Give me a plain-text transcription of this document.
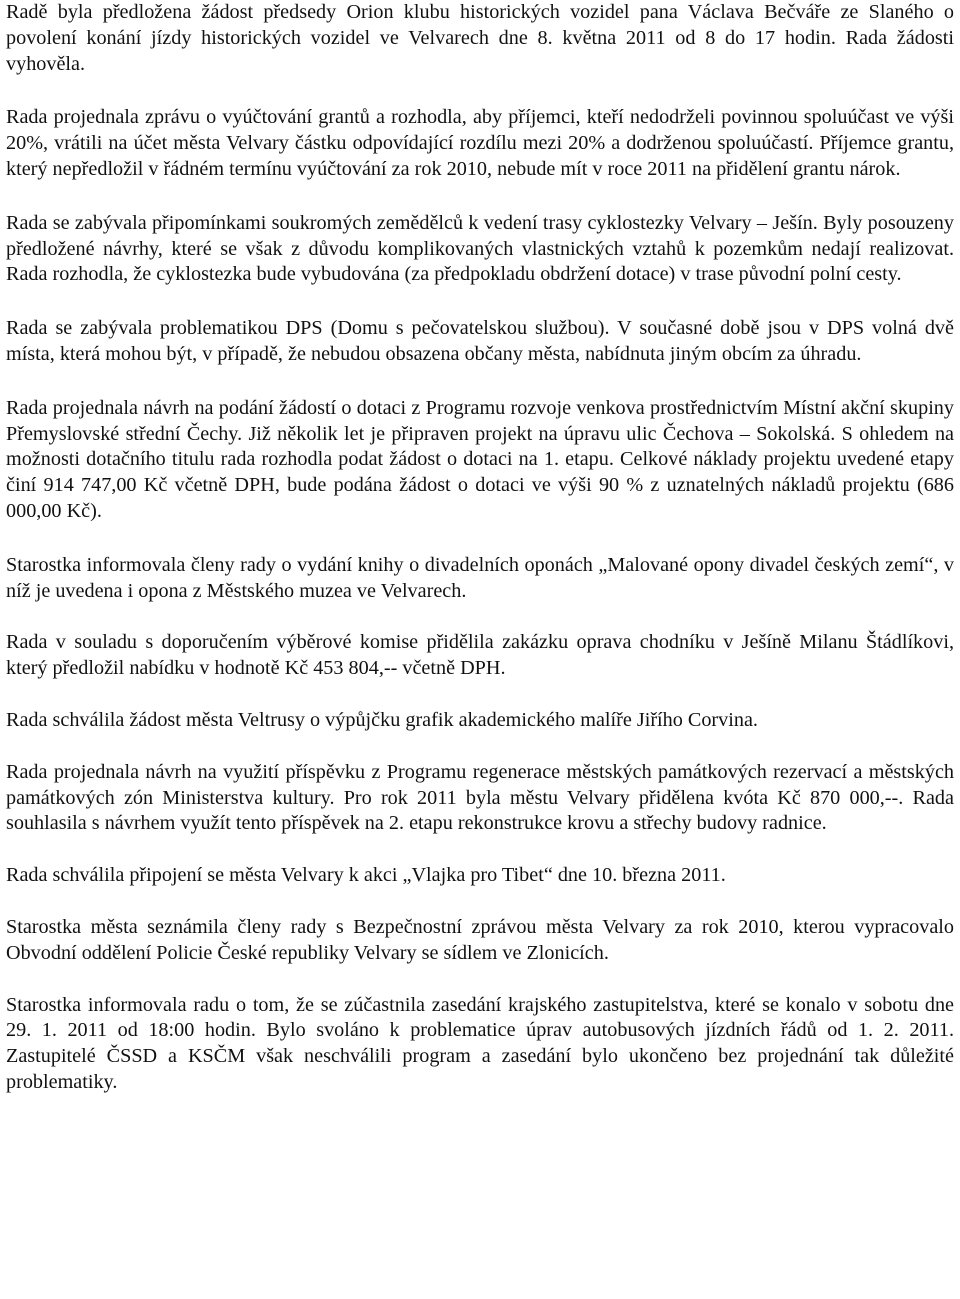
Radě byla předložena žádost předsedy Orion klubu historických vozidel pana Václava Bečváře ze Slaného o povolení konání jízdy historických vozidel ve Velvarech dne 8. května 2011 od 8 do 17 hodin. Rada žádosti vyhověla.

Rada projednala zprávu o vyúčtování grantů a rozhodla, aby příjemci, kteří nedodrželi povinnou spoluúčast ve výši 20%, vrátili na účet města Velvary částku odpovídající rozdílu mezi 20% a dodrženou spoluúčastí. Příjemce grantu, který nepředložil v řádném termínu vyúčtování za rok 2010, nebude mít v roce 2011 na přidělení grantu nárok.

Rada se zabývala připomínkami soukromých zemědělců k vedení trasy cyklostezky Velvary – Ješín. Byly posouzeny předložené návrhy, které se však z důvodu komplikovaných vlastnických vztahů k pozemkům nedají realizovat. Rada rozhodla, že cyklostezka bude vybudována (za předpokladu obdržení dotace) v trase původní polní cesty.

Rada se zabývala problematikou DPS (Domu s pečovatelskou službou). V současné době jsou v DPS volná dvě místa, která mohou být, v případě, že nebudou obsazena občany města, nabídnuta jiným obcím za úhradu.

Rada projednala návrh na podání žádostí o dotaci z Programu rozvoje venkova prostřednictvím Místní akční skupiny Přemyslovské střední Čechy. Již několik let je připraven projekt na úpravu ulic Čechova – Sokolská. S ohledem na možnosti dotačního titulu rada rozhodla podat žádost o dotaci na 1. etapu. Celkové náklady projektu uvedené etapy činí 914 747,00 Kč včetně DPH, bude podána žádost o dotaci ve výši 90 % z uznatelných nákladů projektu (686 000,00 Kč).

Starostka informovala členy rady o vydání knihy o divadelních oponách „Malované opony divadel českých zemí“, v níž je uvedena i opona z Městského muzea ve Velvarech.

Rada v souladu s doporučením výběrové komise přidělila zakázku oprava chodníku v Ješíně Milanu Štádlíkovi, který předložil nabídku v hodnotě Kč 453 804,-- včetně DPH.

Rada schválila žádost města Veltrusy o výpůjčku grafik akademického malíře Jiřího Corvina.

Rada projednala návrh na využití příspěvku z Programu regenerace městských památkových rezervací a městských památkových zón Ministerstva kultury. Pro rok 2011 byla městu Velvary přidělena kvóta Kč 870 000,--. Rada souhlasila s návrhem využít tento příspěvek na 2. etapu rekonstrukce krovu a střechy budovy radnice.

Rada schválila připojení se města Velvary k akci „Vlajka pro Tibet“ dne 10. března 2011.

Starostka města seznámila členy rady s Bezpečnostní zprávou města Velvary za rok 2010, kterou vypracovalo Obvodní oddělení Policie České republiky Velvary se sídlem ve Zlonicích.

Starostka informovala radu o tom, že se zúčastnila zasedání krajského zastupitelstva, které se konalo v sobotu dne 29. 1. 2011 od 18:00 hodin. Bylo svoláno k problematice úprav autobusových jízdních řádů od 1. 2. 2011. Zastupitelé ČSSD a KSČM však neschválili program a zasedání bylo ukončeno bez projednání tak důležité problematiky.
